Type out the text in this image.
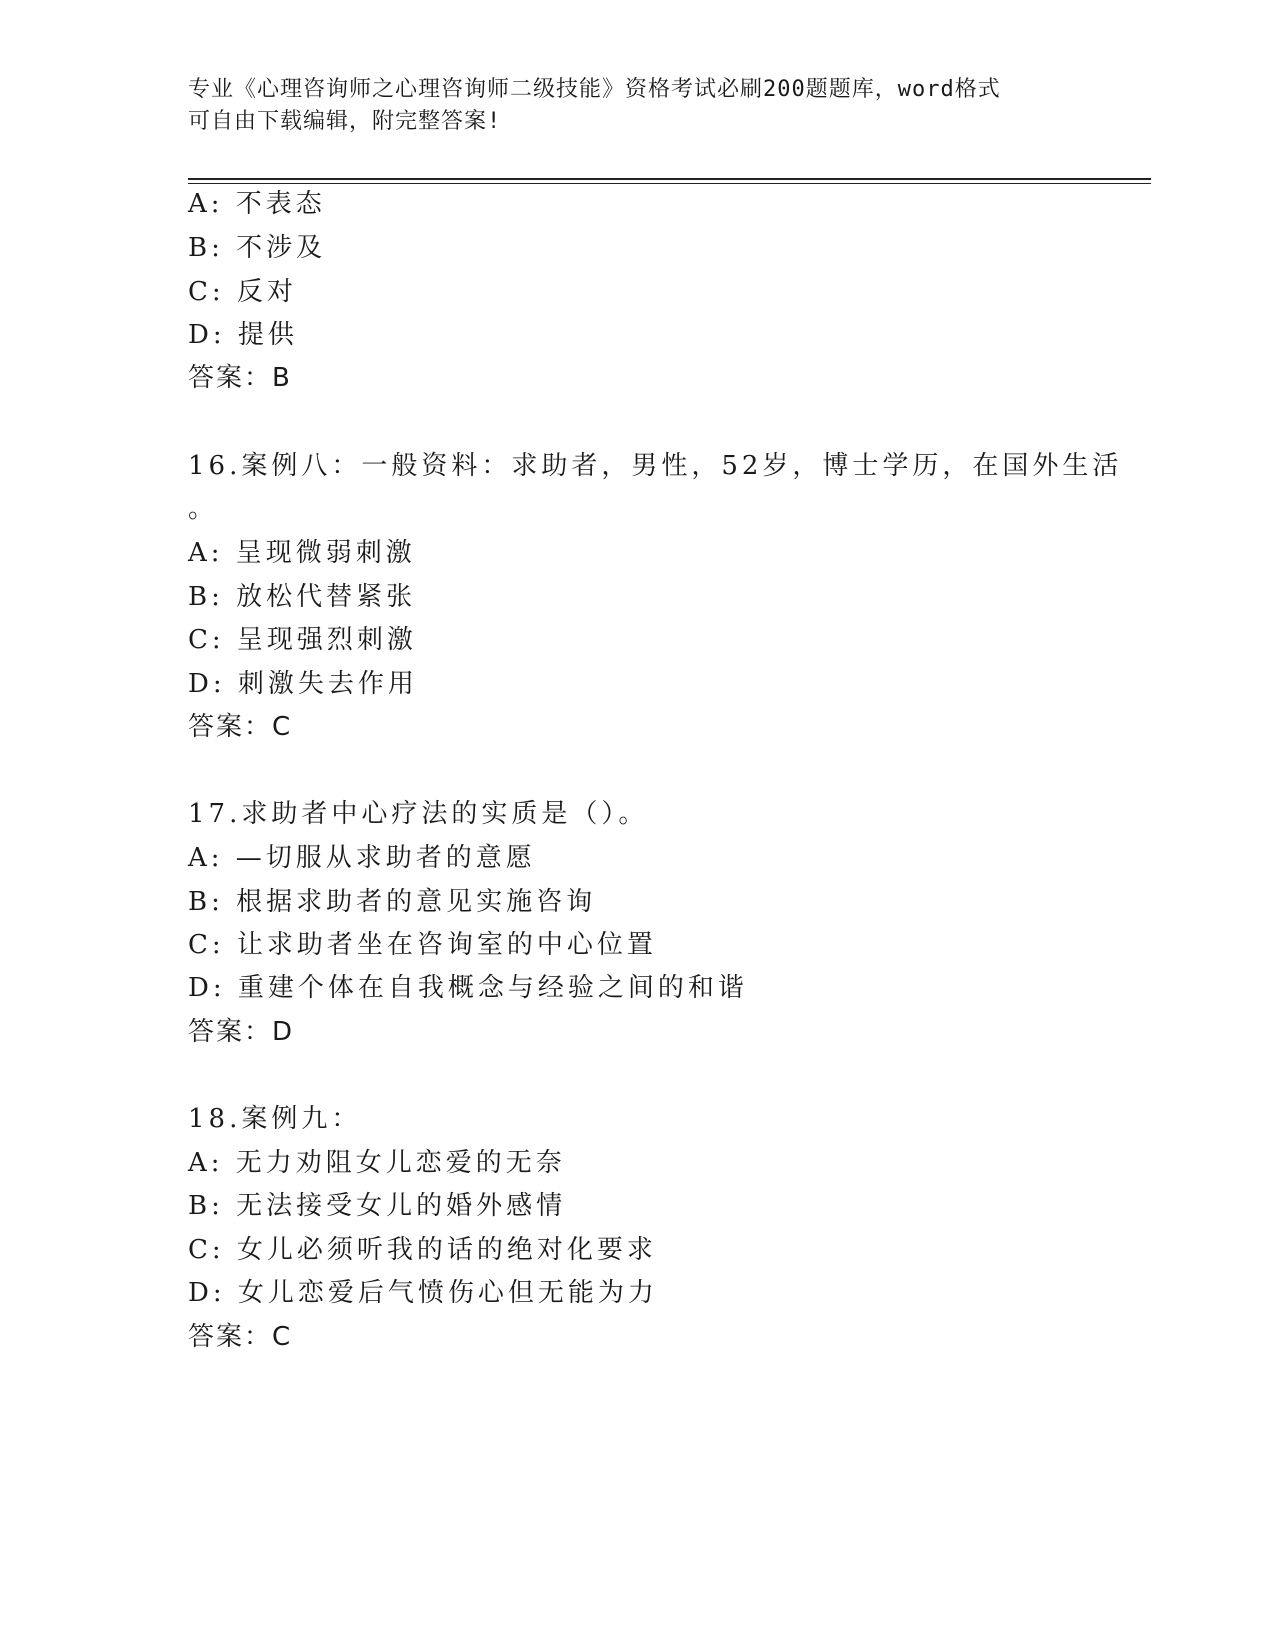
专业《心理咨询师之心理咨询师二级技能》资格考试必刷200题题库，word格式
可自由下载编辑，附完整答案!
A: 不表态
B: 不涉及
C: 反对
D: 提供
答案：B
16.案例八：一般资料：求助者，男性，52岁，博士学历，在国外生活
。
A: 呈现微弱刺激
B: 放松代替紧张
C: 呈现强烈刺激
D: 刺激失去作用
答案：C
17.求助者中心疗法的实质是（）。
A: —切服从求助者的意愿
B: 根据求助者的意见实施咨询
C: 让求助者坐在咨询室的中心位置
D: 重建个体在自我概念与经验之间的和谐
答案：D
18.案例九：
A: 无力劝阻女儿恋爱的无奈
B: 无法接受女儿的婚外感情
C: 女儿必须听我的话的绝对化要求
D: 女儿恋爱后气愤伤心但无能为力
答案：C
